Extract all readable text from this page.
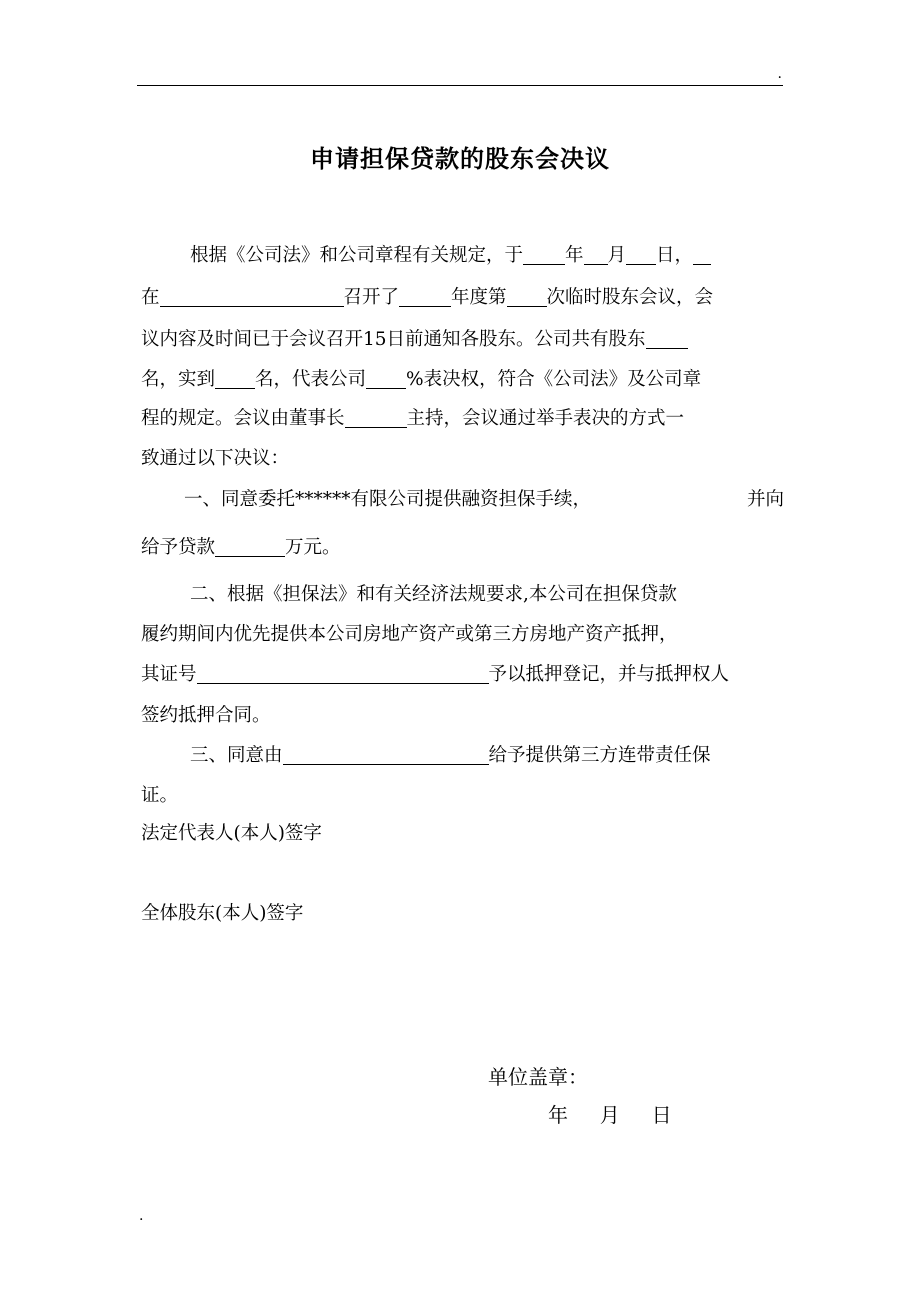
.
申请担保贷款的股东会决议
根据《公司法》和公司章程有关规定，于 年 月 日，
在	召开了	年度第 次临时股东会议，会
议内容及时间已于会议召开15日前通知各股东。公司共有股东
名，实到 名，代表公司 %表决权，符合《公司法》及公司章
程的规定。会议由董事长	主持，会议通过举手表决的方式一
致通过以下决议：
一、同意委托******有限公司提供融资担保手续，	并向
给予贷款	万元。
二、根据《担保法》和有关经济法规要求,本公司在担保贷款
履约期间内优先提供本公司房地产资产或第三方房地产资产抵押，
其证号	予以抵押登记，并与抵押权人
签约抵押合同。
三、同意由	给予提供第三方连带责任保
证。
法定代表人(本人)签字
全体股东(本人)签字
单位盖章：
年 月 日
.
